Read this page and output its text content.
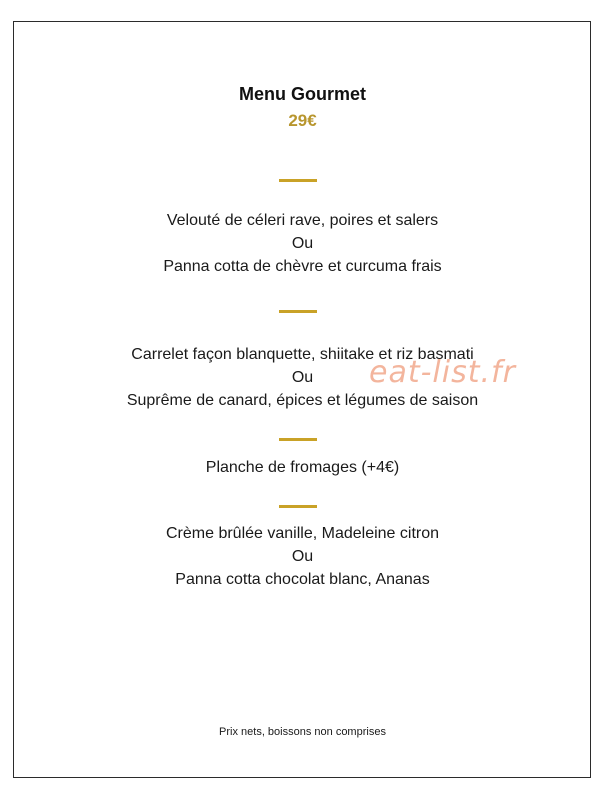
Menu Gourmet
29€
Velouté de céleri rave, poires et salers
Ou
Panna cotta de chèvre et curcuma frais
Carrelet façon blanquette, shiitake et riz basmati
Ou
Suprême de canard, épices et légumes de saison
Planche de fromages (+4€)
Crème brûlée vanille, Madeleine citron
Ou
Panna cotta chocolat blanc, Ananas
Prix nets, boissons non comprises
eat-list.fr
